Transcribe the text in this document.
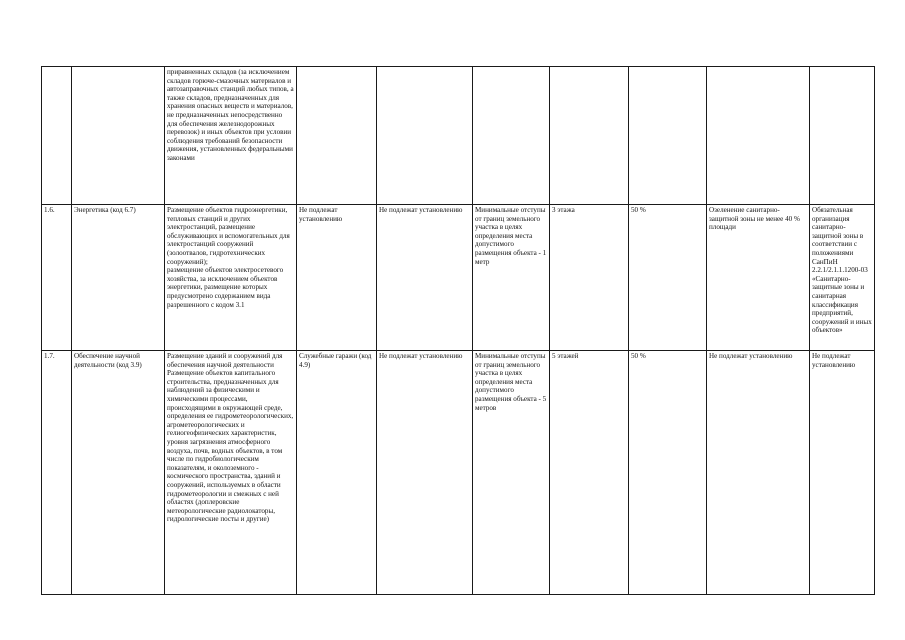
		приравненных складов (за исключением складов горюче-смазочных материалов и автозаправочных станций любых типов, а также складов, предназначенных для хранения опасных веществ и материалов, не предназначенных непосредственно для обеспечения железнодорожных перевозок) и иных объектов при условии соблюдения требований безопасности движения, установленных федеральными законами							
1.6.	Энергетика (код 6.7)	Размещение объектов гидроэнергетики, тепловых станций и других электростанций, размещение обслуживающих и вспомогательных для электростанций сооружений (золоотвалов, гидротехнических сооружений);
размещение объектов электросетевого хозяйства, за исключением объектов энергетики, размещение которых предусмотрено содержанием вида разрешенного с кодом 3.1	Не подлежат установлению	Не подлежат установлению	Минимальные отступы от границ земельного участка в целях определения места допустимого размещения объекта - 1 метр	3 этажа	50 %	Озеленение санитарно-защитной зоны не менее 40 % площади	Обязательная организация санитарно-защитной зоны в соответствии с положениями СанПиН 2.2.1/2.1.1.1200-03 «Санитарно-защитные зоны и санитарная классификация предприятий, сооружений и иных объектов»
1.7.	Обеспечение научной деятельности (код 3.9)	Размещение зданий и сооружений для обеспечения научной деятельности
Размещение объектов капитального строительства, предназначенных для наблюдений за физическими и химическими процессами, происходящими в окружающей среде, определения ее гидрометеорологических, агрометеорологических и гелиогеофизических характеристик, уровня загрязнения атмосферного воздуха, почв, водных объектов, в том числе по гидробиологическим показателям, и околоземного - космического пространства, зданий и сооружений, используемых в области гидрометеорологии и смежных с ней областях (доплеровские метеорологические радиолокаторы, гидрологические посты и другие)	Служебные гаражи (код 4.9)	Не подлежат установлению	Минимальные отступы от границ земельного участка в целях определения места допустимого размещения объекта - 5 метров	5 этажей	50 %	Не подлежат установлению	Не подлежат установлению
